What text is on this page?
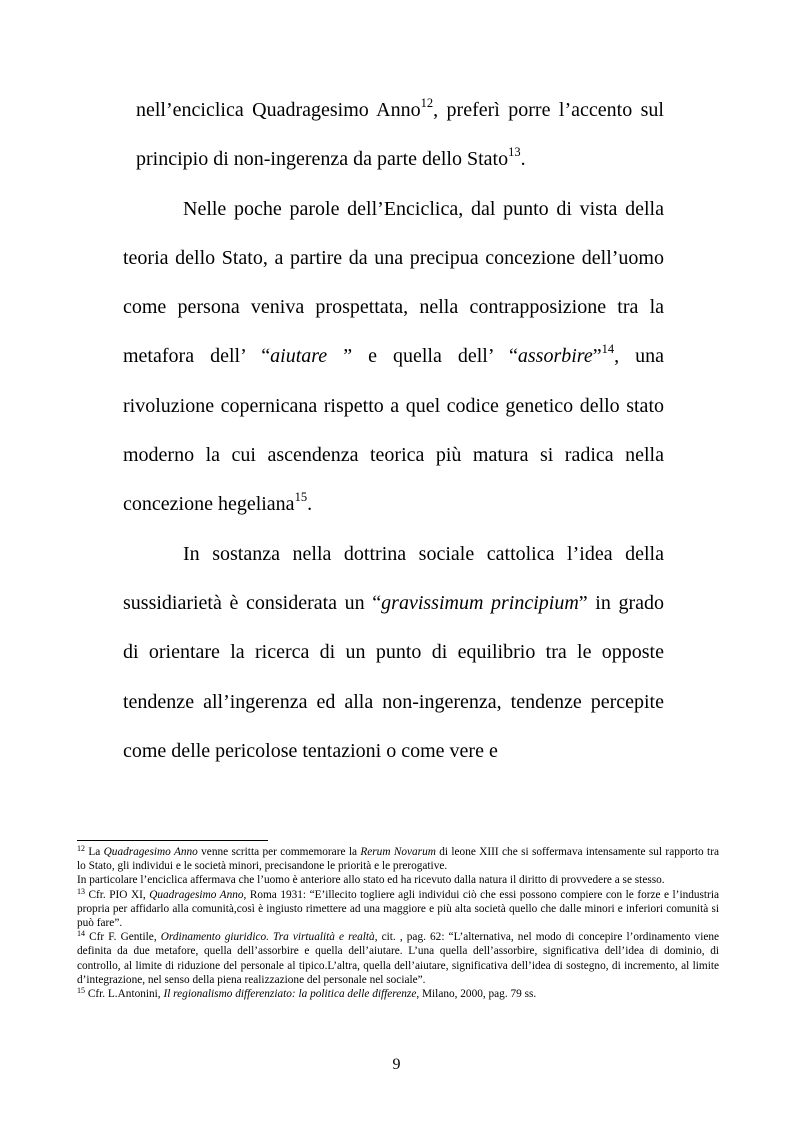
nell’enciclica Quadragesimo Anno$^{12}$, preferì porre l’accento sul principio di non-ingerenza da parte dello Stato$^{13}$.

Nelle poche parole dell’Enciclica, dal punto di vista della teoria dello Stato, a partire da una precipua concezione dell’uomo come persona veniva prospettata, nella contrapposizione tra la metafora dell’ “aiutare ” e quella dell’ “assorbire”$^{14}$, una rivoluzione copernicana rispetto a quel codice genetico dello stato moderno la cui ascendenza teorica più matura si radica nella concezione hegeliana$^{15}$.

In sostanza nella dottrina sociale cattolica l’idea della sussidiarietà è considerata un “gravissimum principium” in grado di orientare la ricerca di un punto di equilibrio tra le opposte tendenze all’ingerenza ed alla non-ingerenza, tendenze percepite come delle pericolose tentazioni o come vere e

$^{12}$ La Quadragesimo Anno venne scritta per commemorare la Rerum Novarum di leone XIII che si soffermava intensamente sul rapporto tra lo Stato, gli individui e le società minori, precisandone le priorità e le prerogative.

In particolare l’enciclica affermava che l’uomo è anteriore allo stato ed ha ricevuto dalla natura il diritto di provvedere a se stesso.

$^{13}$ Cfr. PIO XI, Quadragesimo Anno, Roma 1931: “E’illecito togliere agli individui ciò che essi possono compiere con le forze e l’industria propria per affidarlo alla comunità,così è ingiusto rimettere ad una maggiore e più alta società quello che dalle minori e inferiori comunità si può fare”.

$^{14}$ Cfr F. Gentile, Ordinamento giuridico. Tra virtualità e realtà, cit. , pag. 62: “L’alternativa, nel modo di concepire l’ordinamento viene definita da due metafore, quella dell’assorbire e quella dell’aiutare. L’una quella dell’assorbire, significativa dell’idea di dominio, di controllo, al limite di riduzione del personale al tipico.L’altra, quella dell’aiutare, significativa dell’idea di sostegno, di incremento, al limite d’integrazione, nel senso della piena realizzazione del personale nel sociale”.

$^{15}$ Cfr. L.Antonini, Il regionalismo differenziato: la politica delle differenze, Milano, 2000, pag. 79 ss.

9
